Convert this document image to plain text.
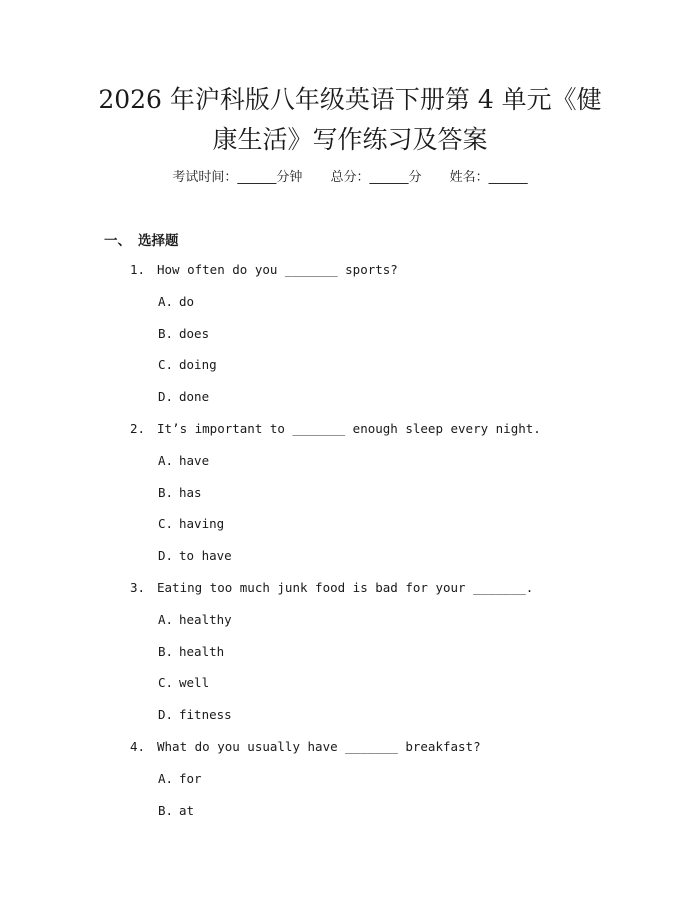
2026 年沪科版八年级英语下册第 4 单元《健
康生活》写作练习及答案
考试时间：______分钟 总分：______分 姓名：______
一、 选择题
1. How often do you _______ sports?
A. do
B. does
C. doing
D. done
2. It’s important to _______ enough sleep every night.
A. have
B. has
C. having
D. to have
3. Eating too much junk food is bad for your _______.
A. healthy
B. health
C. well
D. fitness
4. What do you usually have _______ breakfast?
A. for
B. at
